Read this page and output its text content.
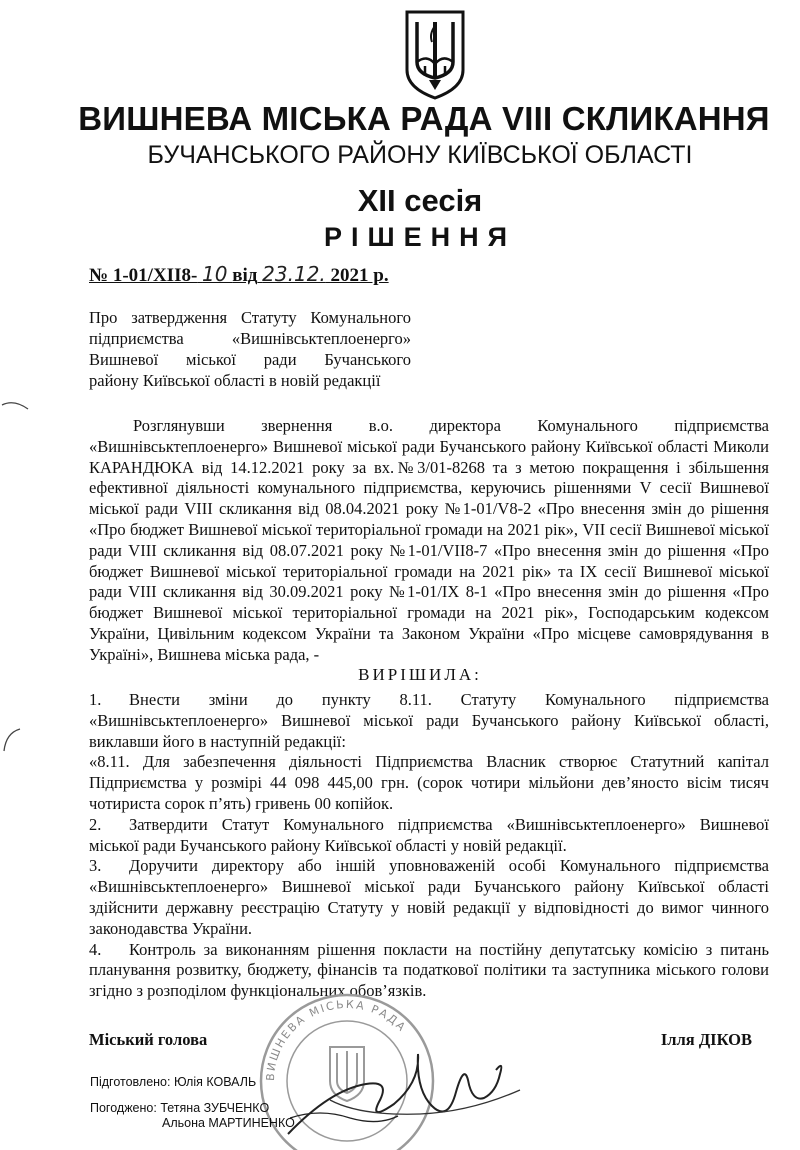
ВИШНЕВА МІСЬКА РАДА VIII СКЛИКАННЯ
БУЧАНСЬКОГО РАЙОНУ КИЇВСЬКОЇ ОБЛАСТІ
XII сесія
РІШЕННЯ
№ 1-01/XII8- 10 від 23.12. 2021 р.
Про затвердження Статуту Комунального
підприємства «Вишнівськтеплоенерго»
Вишневої міської ради Бучанського
району Київської області в новій редакції

Розглянувши звернення в.о. директора Комунального підприємства «Вишнівськтеплоенерго» Вишневої міської ради Бучанського району Київської області Миколи КАРАНДЮКА від 14.12.2021 року за вх.№3/01-8268 та з метою покращення і збільшення ефективної діяльності комунального підприємства, керуючись рішеннями V сесії Вишневої міської ради VIII скликання від 08.04.2021 року №1-01/V8-2 «Про внесення змін до рішення «Про бюджет Вишневої міської територіальної громади на 2021 рік», VII сесії Вишневої міської ради VIII скликання від 08.07.2021 року №1-01/VII8-7 «Про внесення змін до рішення «Про бюджет Вишневої міської територіальної громади на 2021 рік» та IX сесії Вишневої міської ради VIII скликання від 30.09.2021 року №1-01/IX 8-1 «Про внесення змін до рішення «Про бюджет Вишневої міської територіальної громади на 2021 рік», Господарським кодексом України, Цивільним кодексом України та Законом України «Про місцеве самоврядування в Україні», Вишнева міська рада, -

ВИРІШИЛА:

1. Внести зміни до пункту 8.11. Статуту Комунального підприємства «Вишнівськтеплоенерго» Вишневої міської ради Бучанського району Київської області, виклавши його в наступній редакції:

«8.11. Для забезпечення діяльності Підприємства Власник створює Статутний капітал Підприємства у розмірі 44 098 445,00 грн. (сорок чотири мільйони дев’яносто вісім тисяч чотириста сорок п’ять) гривень 00 копійок.

2. Затвердити Статут Комунального підприємства «Вишнівськтеплоенерго» Вишневої міської ради Бучанського району Київської області у новій редакції.

3. Доручити директору або іншій уповноваженій особі Комунального підприємства «Вишнівськтеплоенерго» Вишневої міської ради Бучанського району Київської області здійснити державну реєстрацію Статуту у новій редакції у відповідності до вимог чинного законодавства України.

4. Контроль за виконанням рішення покласти на постійну депутатську комісію з питань планування розвитку, бюджету, фінансів та податкової політики та заступника міського голови згідно з розподілом функціональних обов’язків.

ВИШНЕВА МІСЬКА РАДА
Міський голова	Ілля ДІКОВ
Підготовлено: Юлія КОВАЛЬ
Погоджено: Тетяна ЗУБЧЕНКО
Альона МАРТИНЕНКО
